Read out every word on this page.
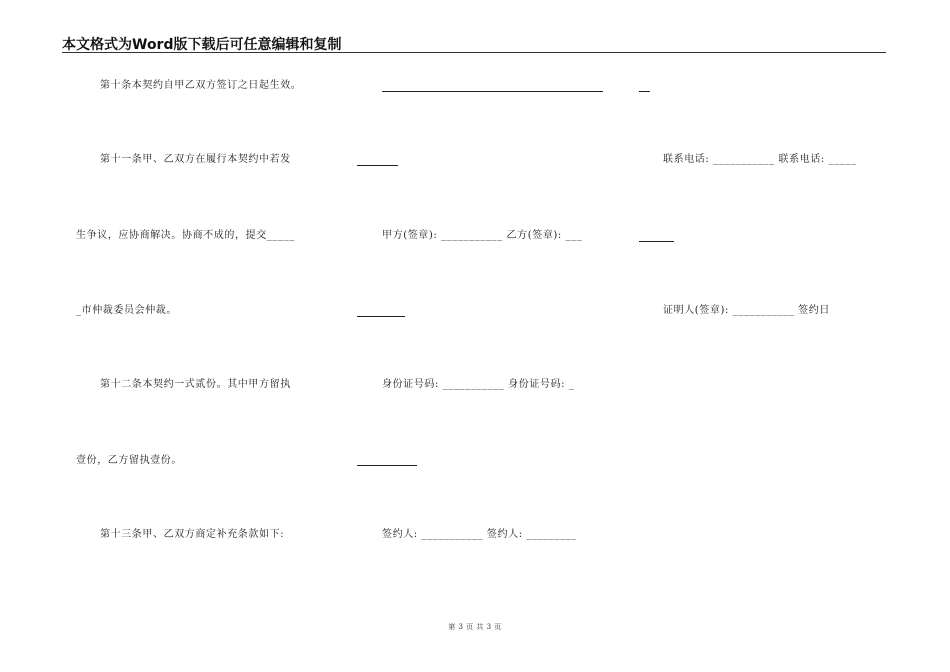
本文格式为Word版下载后可任意编辑和复制
第十条本契约自甲乙双方签订之日起生效。
第十一条甲、乙双方在履行本契约中若发
生争议，应协商解决。协商不成的，提交_____
_市仲裁委员会仲裁。
第十二条本契约一式贰份。其中甲方留执
壹份，乙方留执壹份。
第十三条甲、乙双方商定补充条款如下:
甲方(签章): ___________ 乙方(签章): ___
身份证号码: ___________ 身份证号码: _
签约人: ___________ 签约人: _________
联系电话: ___________ 联系电话: _____
证明人(签章): ___________ 签约日
第 3 页 共 3 页
